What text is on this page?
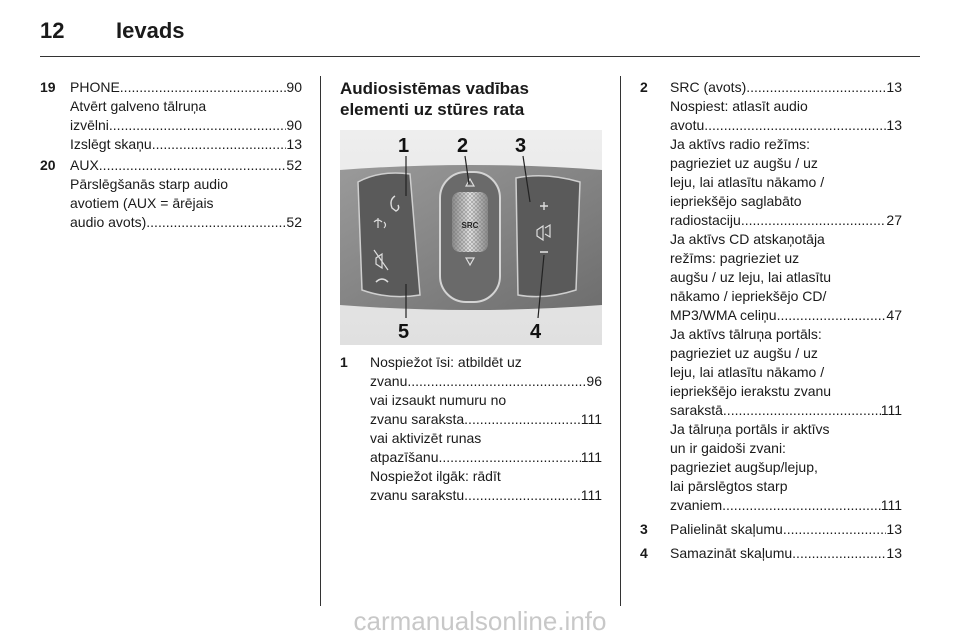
12 Ievads
19 PHONE .....	90
Atvērt galveno tālruņa
izvēlni .....	90
Izslēgt skaņu .....	13
20 AUX .....	52
Pārslēgšanās starp audio
avotiem (AUX = ārējais
audio avots) .....	52
Audiosistēmas vadības
elementi uz stūres rata
SRC
1 2 3
5	4
1 Nospiežot īsi: atbildēt uz
zvanu .....	96
vai izsaukt numuru no
zvanu saraksta .....	111
vai aktivizēt runas
atpazīšanu .....	111
Nospiežot ilgāk: rādīt
zvanu sarakstu .....	111
2 SRC (avots) .....	13
Nospiest: atlasīt audio
avotu .....	13
Ja aktīvs radio režīms:
pagrieziet uz augšu / uz
leju, lai atlasītu nākamo /
iepriekšējo saglabāto
radiostaciju .....	27
Ja aktīvs CD atskaņotāja
režīms: pagrieziet uz
augšu / uz leju, lai atlasītu
nākamo / iepriekšējo CD/
MP3/WMA celiņu .....	47
Ja aktīvs tālruņa portāls:
pagrieziet uz augšu / uz
leju, lai atlasītu nākamo /
iepriekšējo ierakstu zvanu
sarakstā .....	111
Ja tālruņa portāls ir aktīvs
un ir gaidoši zvani:
pagrieziet augšup/lejup,
lai pārslēgtos starp
zvaniem. .....	111
3 Palielināt skaļumu .....	13
4 Samazināt skaļumu .....	13
carmanualsonline.info
